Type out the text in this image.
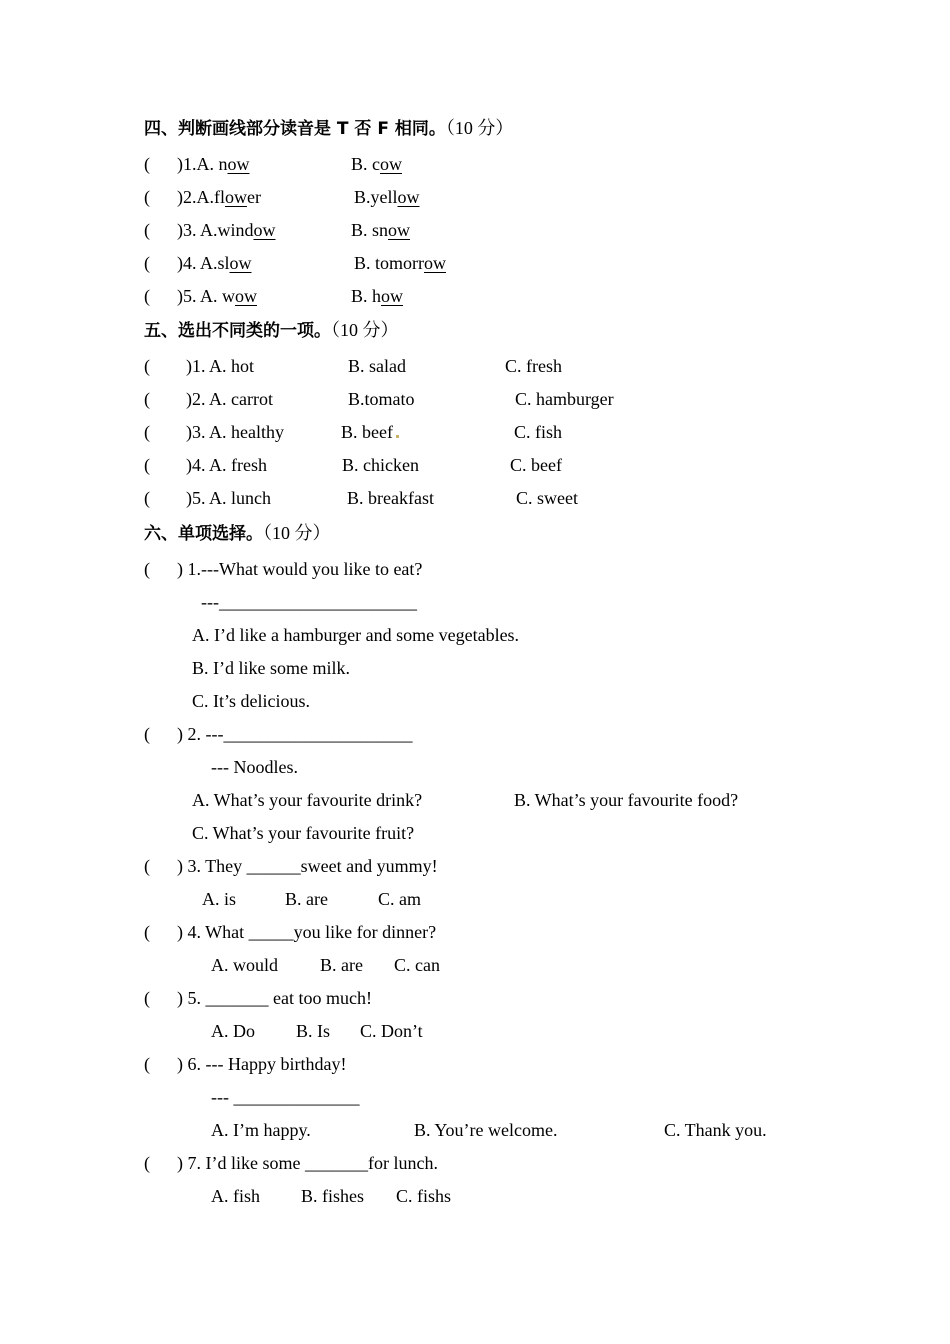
四、判断画线部分读音是 T 否 F 相同。（10 分）
(      )1.A. now	B. cow
(      )2.A.flower	B.yellow
(      )3. A.window	B. snow
(      )4. A.slow	B. tomorrow
(      )5. A. wow	B. how
五、选出不同类的一项。（10 分）
(        )1. A. hot	B. salad	C. fresh
(        )2. A. carrot	B.tomato	C. hamburger
(        )3. A. healthy	B. beef	C. fish
(        )4. A. fresh	B. chicken	C. beef
(        )5. A. lunch	B. breakfast	C. sweet
六、单项选择。（10 分）
(      ) 1.---What would you like to eat?
---______________________
A. I’d like a hamburger and some vegetables.
B. I’d like some milk.
C. It’s delicious.
(      ) 2. ---_____________________
--- Noodles.
A. What’s your favourite drink?	B. What’s your favourite food?
C. What’s your favourite fruit?
(      ) 3. They ______sweet and yummy!
A. is	B. are	C. am
(      ) 4. What _____you like for dinner?
A. would B. are C. can
(      ) 5. _______ eat too much!
A. Do B. Is C. Don’t
(      ) 6. --- Happy birthday!
--- ______________
A. I’m happy.	B. You’re welcome.	C. Thank you.
(      ) 7. I’d like some _______for lunch.
A. fish B. fishes C. fishs
